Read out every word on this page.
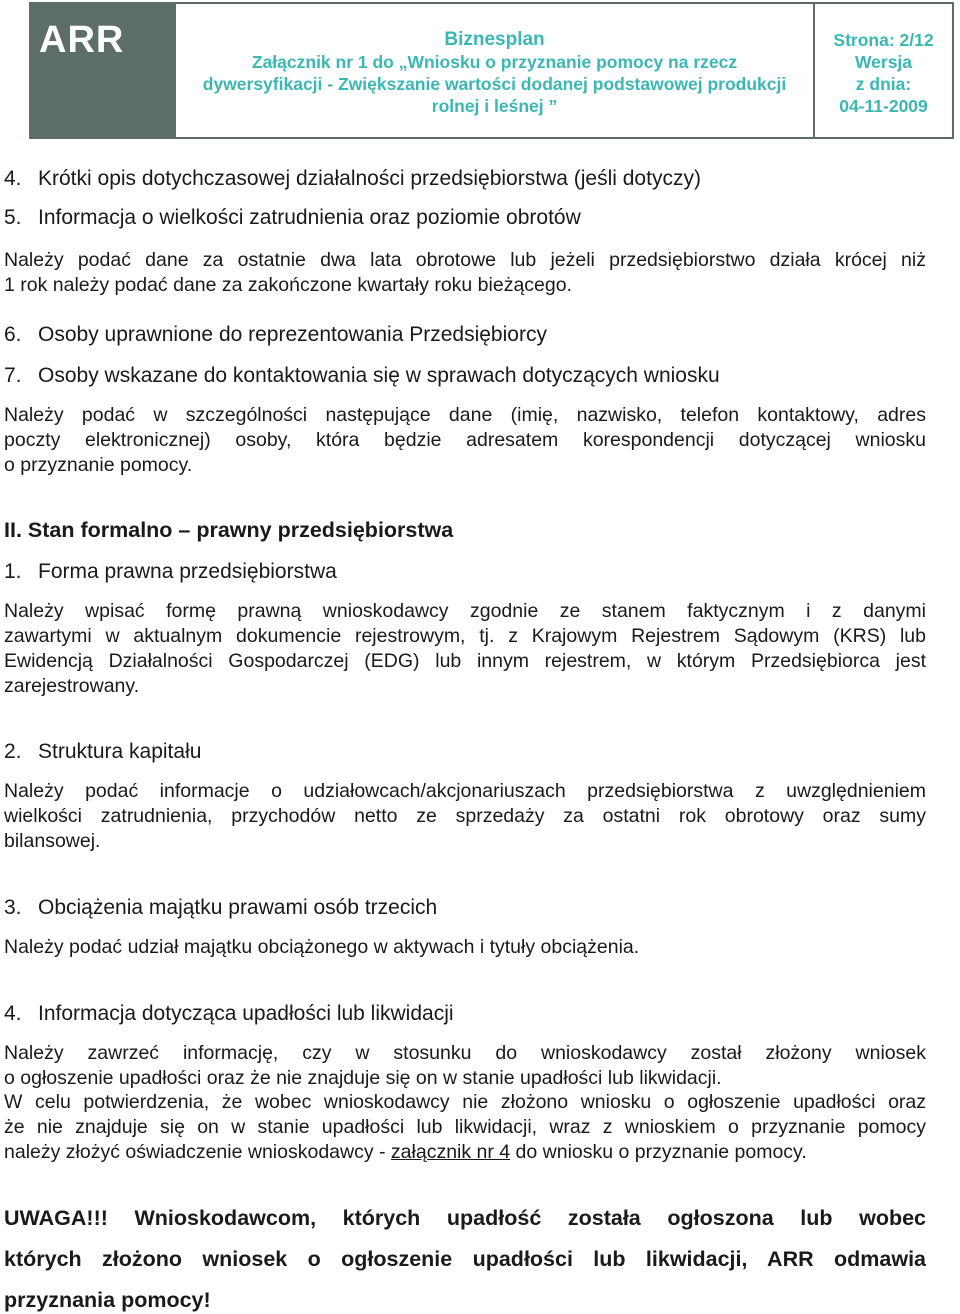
ARR	Biznesplan
Załącznik nr 1 do „Wniosku o przyznanie pomocy na rzecz
dywersyfikacji - Zwiększanie wartości dodanej podstawowej produkcji
rolnej i leśnej ”
Strona: 2/12
Wersja
z dnia:
04-11-2009
4. Krótki opis dotychczasowej działalności przedsiębiorstwa (jeśli dotyczy)
5. Informacja o wielkości zatrudnienia oraz poziomie obrotów
Należy podać dane za ostatnie dwa lata obrotowe lub jeżeli przedsiębiorstwo działa krócej niż
1 rok należy podać dane za zakończone kwartały roku bieżącego.
6. Osoby uprawnione do reprezentowania Przedsiębiorcy
7. Osoby wskazane do kontaktowania się w sprawach dotyczących wniosku
Należy podać w szczególności następujące dane (imię, nazwisko, telefon kontaktowy, adres
poczty elektronicznej) osoby, która będzie adresatem korespondencji dotyczącej wniosku
o przyznanie pomocy.
II. Stan formalno – prawny przedsiębiorstwa
1. Forma prawna przedsiębiorstwa
Należy wpisać formę prawną wnioskodawcy zgodnie ze stanem faktycznym i z danymi
zawartymi w aktualnym dokumencie rejestrowym, tj. z Krajowym Rejestrem Sądowym (KRS) lub
Ewidencją Działalności Gospodarczej (EDG) lub innym rejestrem, w którym Przedsiębiorca jest
zarejestrowany.
2. Struktura kapitału
Należy podać informacje o udziałowcach/akcjonariuszach przedsiębiorstwa z uwzględnieniem
wielkości zatrudnienia, przychodów netto ze sprzedaży za ostatni rok obrotowy oraz sumy
bilansowej.
3. Obciążenia majątku prawami osób trzecich
Należy podać udział majątku obciążonego w aktywach i tytuły obciążenia.
4. Informacja dotycząca upadłości lub likwidacji
Należy zawrzeć informację, czy w stosunku do wnioskodawcy został złożony wniosek
o ogłoszenie upadłości oraz że nie znajduje się on w stanie upadłości lub likwidacji.
W celu potwierdzenia, że wobec wnioskodawcy nie złożono wniosku o ogłoszenie upadłości oraz
że nie znajduje się on w stanie upadłości lub likwidacji, wraz z wnioskiem o przyznanie pomocy
należy złożyć oświadczenie wnioskodawcy - załącznik nr 4 do wniosku o przyznanie pomocy.
UWAGA!!! Wnioskodawcom, których upadłość została ogłoszona lub wobec
których złożono wniosek o ogłoszenie upadłości lub likwidacji, ARR odmawia
przyznania pomocy!
